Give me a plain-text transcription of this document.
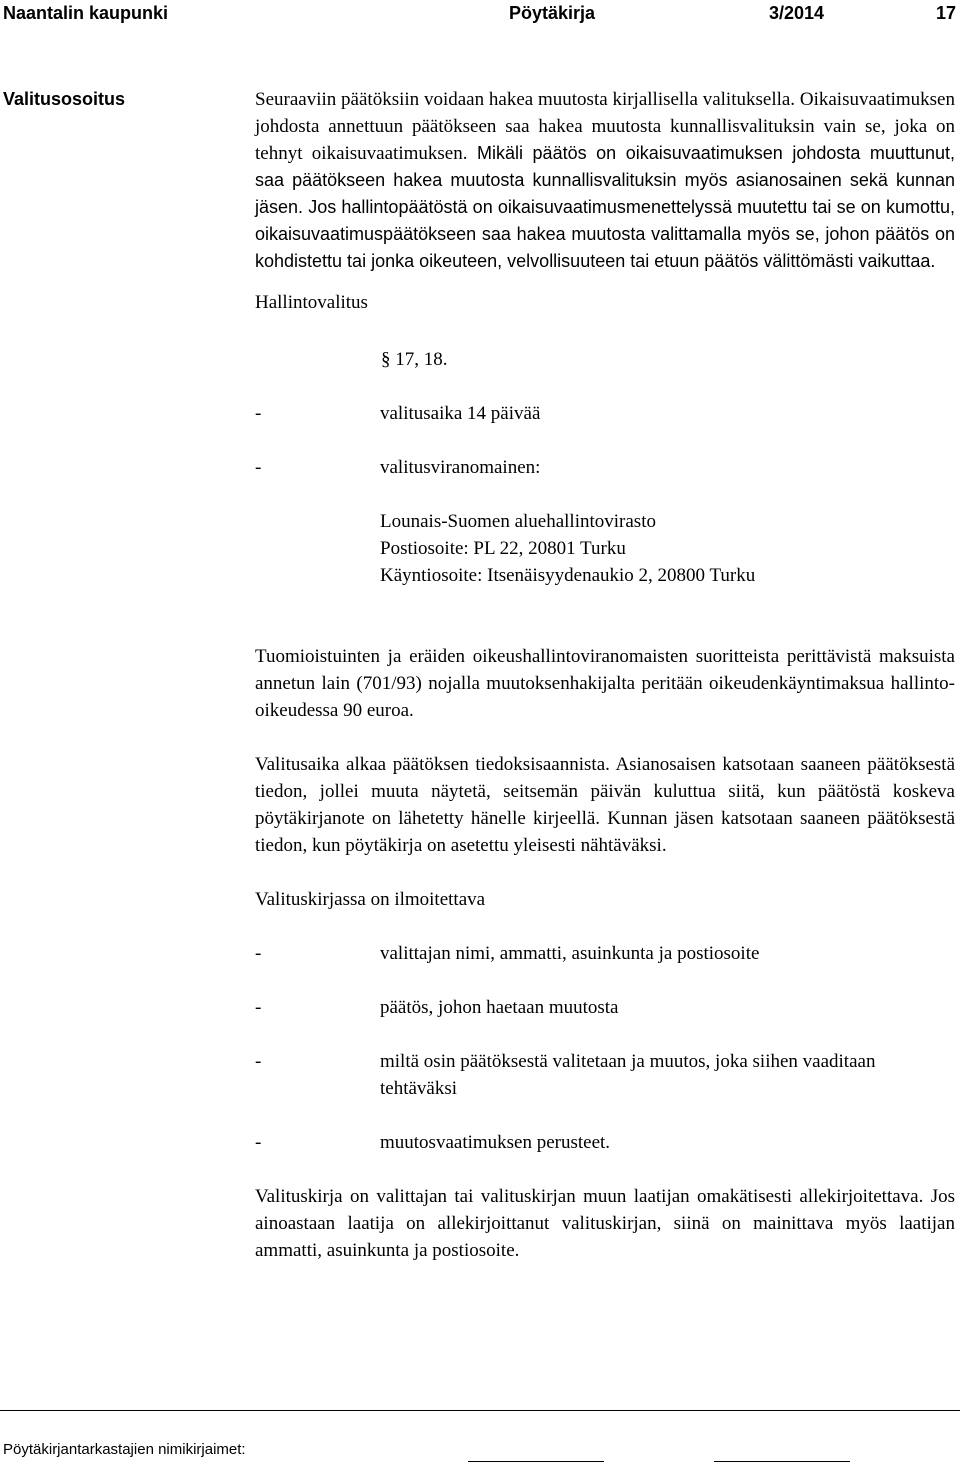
Naantalin kaupunki	Pöytäkirja	3/2014	17
Valitusosoitus	Seuraaviin päätöksiin voidaan hakea muutosta kirjallisella valituksella. Oikaisuvaatimuksen johdosta annettuun päätökseen saa hakea muutosta kunnallisvalituksin vain se, joka on tehnyt oikaisuvaatimuksen. Mikäli päätös on oikaisuvaatimuksen johdosta muuttunut, saa päätökseen hakea muutosta kunnallisvalituksin myös asianosainen sekä kunnan jäsen. Jos hallintopäätöstä on oikaisuvaatimusmenettelyssä muutettu tai se on kumottu, oikaisuvaatimuspäätökseen saa hakea muutosta valittamalla myös se, johon päätös on kohdistettu tai jonka oikeuteen, velvollisuuteen tai etuun päätös välittömästi vaikuttaa.

Hallintovalitus
§ 17, 18.
-	valitusaika 14 päivää
-	valitusviranomainen:
Lounais-Suomen aluehallintovirasto
Postiosoite: PL 22, 20801 Turku
Käyntiosoite: Itsenäisyydenaukio 2, 20800 Turku

Tuomioistuinten ja eräiden oikeushallintoviranomaisten suoritteista perittävistä maksuista annetun lain (701/93) nojalla muutoksenhakijalta peritään oikeudenkäyntimaksua hallinto-oikeudessa 90 euroa.

Valitusaika alkaa päätöksen tiedoksisaannista. Asianosaisen katsotaan saaneen päätöksestä tiedon, jollei muuta näytetä, seitsemän päivän kuluttua siitä, kun päätöstä koskeva pöytäkirjanote on lähetetty hänelle kirjeellä. Kunnan jäsen katsotaan saaneen päätöksestä tiedon, kun pöytäkirja on asetettu yleisesti nähtäväksi.

Valituskirjassa on ilmoitettava
-	valittajan nimi, ammatti, asuinkunta ja postiosoite
-	päätös, johon haetaan muutosta
-	miltä osin päätöksestä valitetaan ja muutos, joka siihen vaaditaan tehtäväksi
-	muutosvaatimuksen perusteet.

Valituskirja on valittajan tai valituskirjan muun laatijan omakätisesti allekirjoitettava. Jos ainoastaan laatija on allekirjoittanut valituskirjan, siinä on mainittava myös laatijan ammatti, asuinkunta ja postiosoite.

Pöytäkirjantarkastajien nimikirjaimet:
